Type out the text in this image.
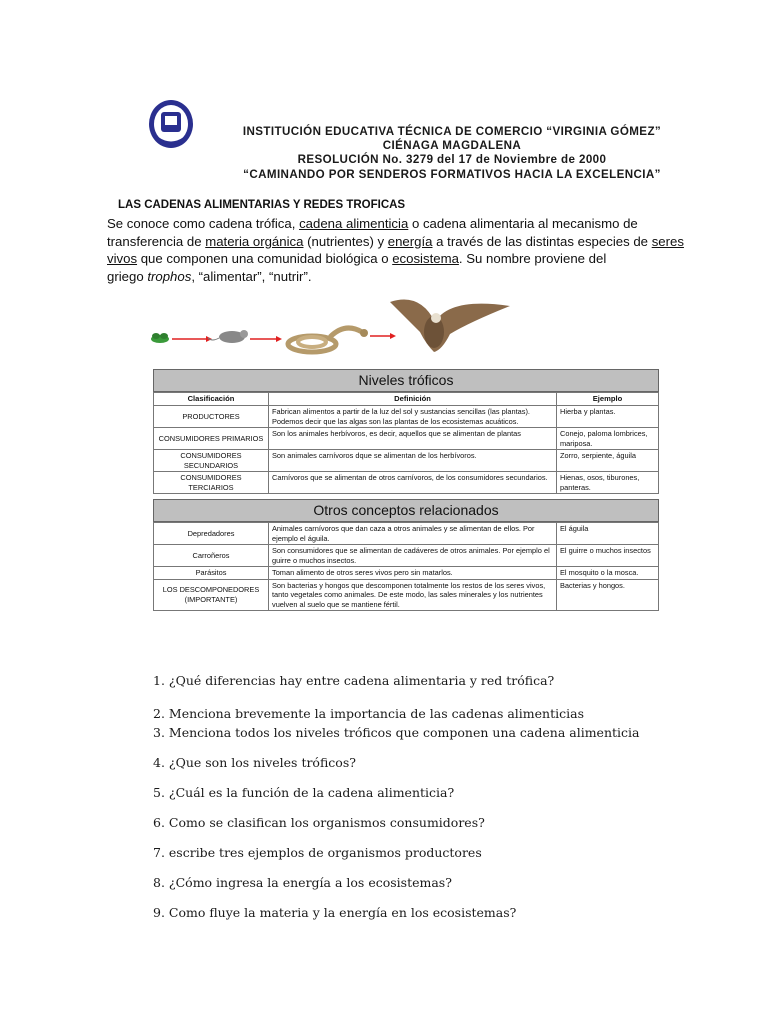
INSTITUCIÓN EDUCATIVA TÉCNICA DE COMERCIO “VIRGINIA GÓMEZ”
CIÉNAGA MAGDALENA
RESOLUCIÓN No. 3279 del 17 de Noviembre de 2000
“CAMINANDO POR SENDEROS FORMATIVOS HACIA LA EXCELENCIA”
LAS CADENAS ALIMENTARIAS Y REDES TROFICAS
Se conoce como cadena trófica, cadena alimenticia o cadena alimentaria al mecanismo de
transferencia de materia orgánica (nutrientes) y energía a través de las distintas especies de seres
vivos que componen una comunidad biológica o ecosistema. Su nombre proviene del
griego trophos, “alimentar”, “nutrir”.
Niveles tróficos
Clasificación	Definición	Ejemplo
PRODUCTORES	Fabrican alimentos a partir de la luz del sol y sustancias sencillas (las plantas). Podemos decir que las algas son las plantas de los ecosistemas acuáticos.	Hierba y plantas.
CONSUMIDORES PRIMARIOS	Son los animales herbívoros, es decir, aquellos que se alimentan de plantas	Conejo, paloma lombrices, mariposa.
CONSUMIDORES SECUNDARIOS	Son animales carnívoros dque se alimentan de los herbívoros.	Zorro, serpiente, águila
CONSUMIDORES TERCIARIOS	Carnívoros que se alimentan de otros carnívoros, de los consumidores secundarios.	Hienas, osos, tiburones, panteras.
Otros conceptos relacionados
Depredadores	Animales carnívoros que dan caza a otros animales y se alimentan de ellos. Por ejemplo el águila.	El águila
Carroñeros	Son consumidores que se alimentan de cadáveres de otros animales. Por ejemplo el guirre o muchos insectos.	El guirre o muchos insectos
Parásitos	Toman alimento de otros seres vivos pero sin matarlos.	El mosquito o la mosca.
LOS DESCOMPONEDORES (IMPORTANTE)	Son bacterias y hongos que descomponen totalmente los restos de los seres vivos, tanto vegetales como animales. De este modo, las sales minerales y los nutrientes vuelven al suelo que se mantiene fértil.	Bacterias y hongos.
1. ¿Qué diferencias hay entre cadena alimentaria y red trófica?
2. Menciona brevemente la importancia de las cadenas alimenticias
3. Menciona todos los niveles tróficos que componen una cadena alimenticia
4. ¿Que son los niveles tróficos?
5. ¿Cuál es la función de la cadena alimenticia?
6. Como se clasifican los organismos consumidores?
7. escribe tres ejemplos de organismos productores
8. ¿Cómo ingresa la energía a los ecosistemas?
9. Como fluye la materia y la energía en los ecosistemas?
